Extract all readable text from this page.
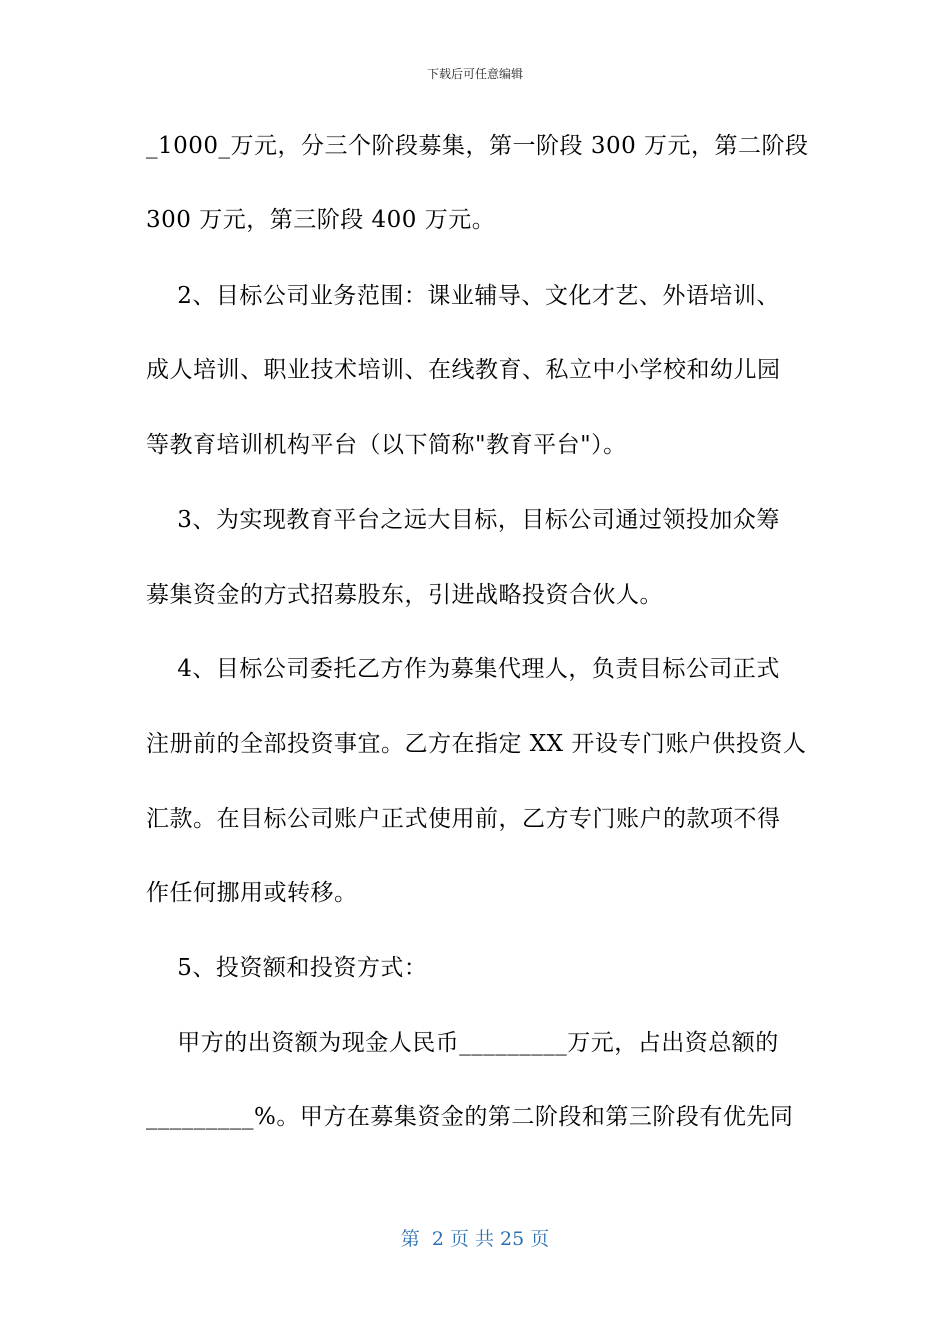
下载后可任意编辑
_1000_万元，分三个阶段募集，第一阶段 300 万元，第二阶段
300 万元，第三阶段 400 万元。
2、目标公司业务范围：课业辅导、文化才艺、外语培训、
成人培训、职业技术培训、在线教育、私立中小学校和幼儿园
等教育培训机构平台（以下简称"教育平台"）。
3、为实现教育平台之远大目标，目标公司通过领投加众筹
募集资金的方式招募股东，引进战略投资合伙人。
4、目标公司委托乙方作为募集代理人，负责目标公司正式
注册前的全部投资事宜。乙方在指定 XX 开设专门账户供投资人
汇款。在目标公司账户正式使用前，乙方专门账户的款项不得
作任何挪用或转移。
5、投资额和投资方式：
甲方的出资额为现金人民币_________万元，占出资总额的
_________%。甲方在募集资金的第二阶段和第三阶段有优先同
第  2 页 共 25 页
